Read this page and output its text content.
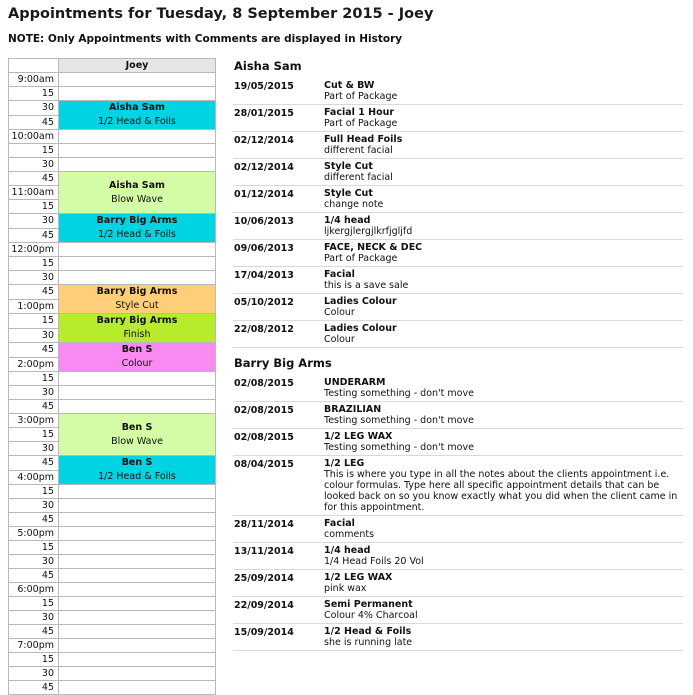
Appointments for Tuesday, 8 September 2015 - Joey
NOTE: Only Appointments with Comments are displayed in History
	Joey
9:00am	
15	
30	Aisha Sam
1/2 Head & Foils

45	
10:00am	
15	
30	
45	Aisha Sam
Blow Wave

11:00am	
15	
30	Barry Big Arms
1/2 Head & Foils

45	
12:00pm	
15	
30	
45	Barry Big Arms
Style Cut

1:00pm	
15	Barry Big Arms
Finish

30	
45	Ben S
Colour

2:00pm	
15	
30	
45	
3:00pm	Ben S
Blow Wave

15	
30	
45	Ben S
1/2 Head & Foils

4:00pm	
15	
30	
45	
5:00pm	
15	
30	
45	
6:00pm	
15	
30	
45	
7:00pm	
15	
30	
45	
Aisha Sam
19/05/2015	Cut & BW
Part of Package
28/01/2015	Facial 1 Hour
Part of Package
02/12/2014	Full Head Foils
different facial
02/12/2014	Style Cut
different facial
01/12/2014	Style Cut
change note
10/06/2013	1/4 head
ljkergjlergjlkrfjgljfd
09/06/2013	FACE, NECK & DEC
Part of Package
17/04/2013	Facial
this is a save sale
05/10/2012	Ladies Colour
Colour
22/08/2012	Ladies Colour
Colour
Barry Big Arms
02/08/2015	UNDERARM
Testing something - don't move
02/08/2015	BRAZILIAN
Testing something - don't move
02/08/2015	1/2 LEG WAX
Testing something - don't move
08/04/2015	1/2 LEG
This is where you type in all the notes about the clients appointment i.e. colour formulas. Type here all specific appointment details that can be looked back on so you know exactly what you did when the client came in for this appointment.
28/11/2014	Facial
comments
13/11/2014	1/4 head
1/4 Head Foils 20 Vol
25/09/2014	1/2 LEG WAX
pink wax
22/09/2014	Semi Permanent
Colour 4% Charcoal
15/09/2014	1/2 Head & Foils
she is running late
